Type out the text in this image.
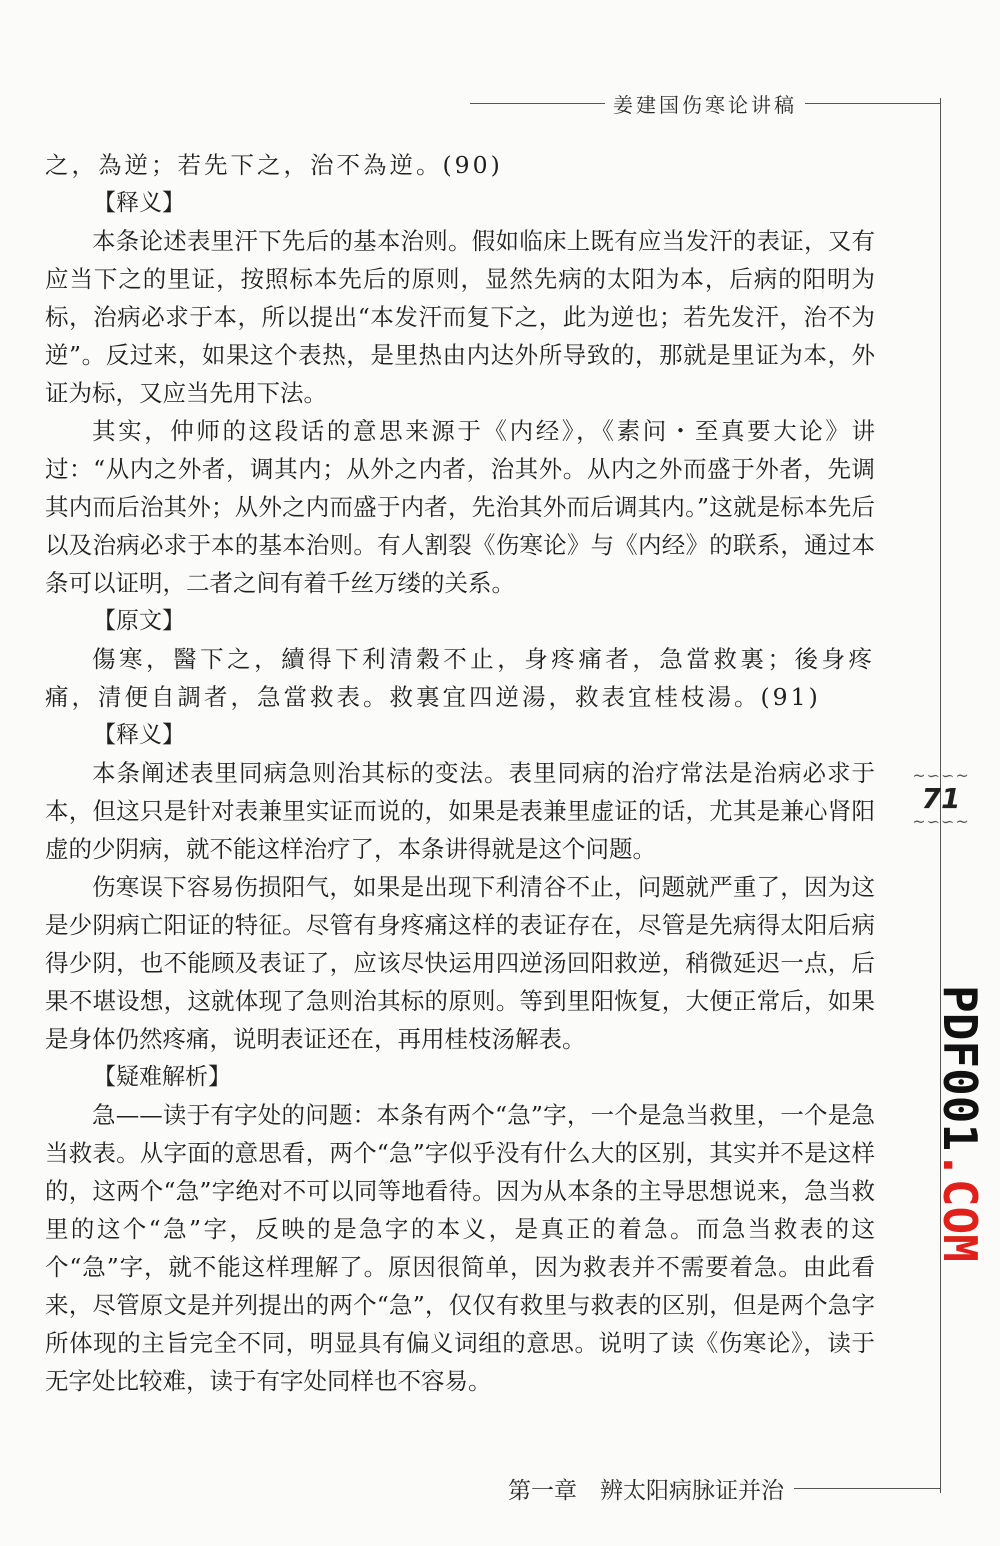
姜建国伤寒论讲稿

之，為逆；若先下之，治不為逆。(90)

【释义】

本条论述表里汗下先后的基本治则。假如临床上既有应当发汗的表证，又有应当下之的里证，按照标本先后的原则，显然先病的太阳为本，后病的阳明为标，治病必求于本，所以提出“本发汗而复下之，此为逆也；若先发汗，治不为逆”。反过来，如果这个表热，是里热由内达外所导致的，那就是里证为本，外证为标，又应当先用下法。

其实，仲师的这段话的意思来源于《内经》，《素问・至真要大论》讲过：“从内之外者，调其内；从外之内者，治其外。从内之外而盛于外者，先调其内而后治其外；从外之内而盛于内者，先治其外而后调其内。”这就是标本先后以及治病必求于本的基本治则。有人割裂《伤寒论》与《内经》的联系，通过本条可以证明，二者之间有着千丝万缕的关系。

【原文】

傷寒，醫下之，續得下利清穀不止，身疼痛者，急當救裏；後身疼痛，清便自調者，急當救表。救裏宜四逆湯，救表宜桂枝湯。(91)

【释义】

本条阐述表里同病急则治其标的变法。表里同病的治疗常法是治病必求于本，但这只是针对表兼里实证而说的，如果是表兼里虚证的话，尤其是兼心肾阳虚的少阴病，就不能这样治疗了，本条讲得就是这个问题。

伤寒误下容易伤损阳气，如果是出现下利清谷不止，问题就严重了，因为这是少阴病亡阳证的特征。尽管有身疼痛这样的表证存在，尽管是先病得太阳后病得少阴，也不能顾及表证了，应该尽快运用四逆汤回阳救逆，稍微延迟一点，后果不堪设想，这就体现了急则治其标的原则。等到里阳恢复，大便正常后，如果是身体仍然疼痛，说明表证还在，再用桂枝汤解表。

【疑难解析】

急——读于有字处的问题：本条有两个“急”字，一个是急当救里，一个是急当救表。从字面的意思看，两个“急”字似乎没有什么大的区别，其实并不是这样的，这两个“急”字绝对不可以同等地看待。因为从本条的主导思想说来，急当救里的这个“急”字，反映的是急字的本义，是真正的着急。而急当救表的这个“急”字，就不能这样理解了。原因很简单，因为救表并不需要着急。由此看来，尽管原文是并列提出的两个“急”，仅仅有救里与救表的区别，但是两个急字所体现的主旨完全不同，明显具有偏义词组的意思。说明了读《伤寒论》，读于无字处比较难，读于有字处同样也不容易。

~∽∽~
71
~∽∽~
PDF001.COM
第一章　辨太阳病脉证并治
